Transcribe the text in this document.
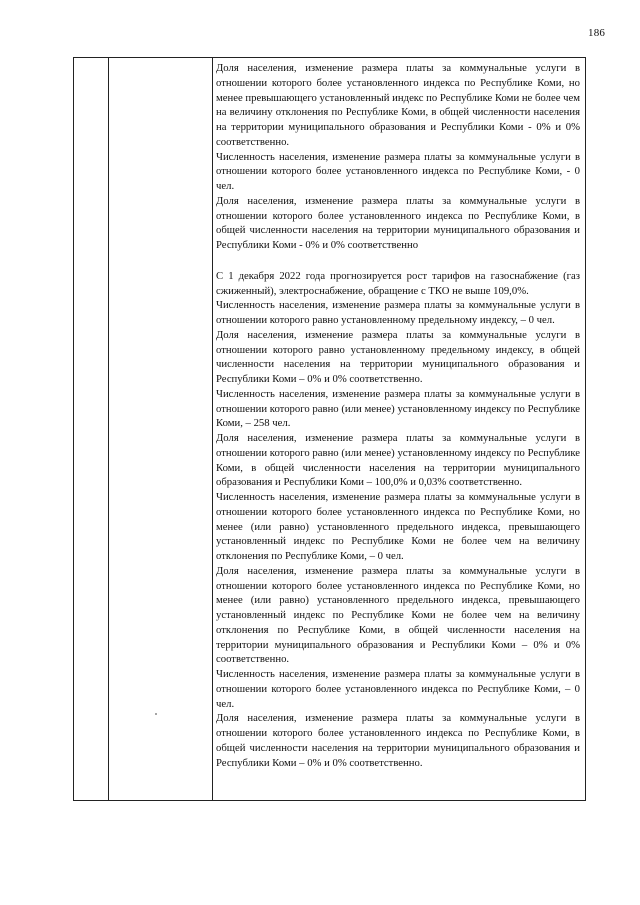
186

Доля населения, изменение размера платы за коммунальные услуги в отношении которого более установленного индекса по Республике Коми, но менее превышающего установленный индекс по Республике Коми не более чем на величину отклонения по Республике Коми, в общей численности населения на территории муниципального образования и Республики Коми - 0% и 0% соответственно.

Численность населения, изменение размера платы за коммунальные услуги в отношении которого более установленного индекса по Республике Коми, - 0 чел.

Доля населения, изменение размера платы за коммунальные услуги в отношении которого более установленного индекса по Республике Коми, в общей численности населения на территории муниципального образования и Республики Коми - 0% и 0% соответственно

С 1 декабря 2022 года прогнозируется рост тарифов на газоснабжение (газ сжиженный), электроснабжение, обращение с ТКО не выше 109,0%.

Численность населения, изменение размера платы за коммунальные услуги в отношении которого равно установленному предельному индексу, – 0 чел.

Доля населения, изменение размера платы за коммунальные услуги в отношении которого равно установленному предельному индексу, в общей численности населения на территории муниципального образования и Республики Коми – 0% и 0% соответственно.

Численность населения, изменение размера платы за коммунальные услуги в отношении которого равно (или менее) установленному индексу по Республике Коми, – 258 чел.

Доля населения, изменение размера платы за коммунальные услуги в отношении которого равно (или менее) установленному индексу по Республике Коми, в общей численности населения на территории муниципального образования и Республики Коми – 100,0% и 0,03% соответственно.

Численность населения, изменение размера платы за коммунальные услуги в отношении которого более установленного индекса по Республике Коми, но менее (или равно) установленного предельного индекса, превышающего установленный индекс по Республике Коми не более чем на величину отклонения по Республике Коми, – 0 чел.

Доля населения, изменение размера платы за коммунальные услуги в отношении которого более установленного индекса по Республике Коми, но менее (или равно) установленного предельного индекса, превышающего установленный индекс по Республике Коми не более чем на величину отклонения по Республике Коми, в общей численности населения на территории муниципального образования и Республики Коми – 0% и 0% соответственно.

Численность населения, изменение размера платы за коммунальные услуги в отношении которого более установленного индекса по Республике Коми, – 0 чел.

Доля населения, изменение размера платы за коммунальные услуги в отношении которого более установленного индекса по Республике Коми, в общей численности населения на территории муниципального образования и Республики Коми – 0% и 0% соответственно.
